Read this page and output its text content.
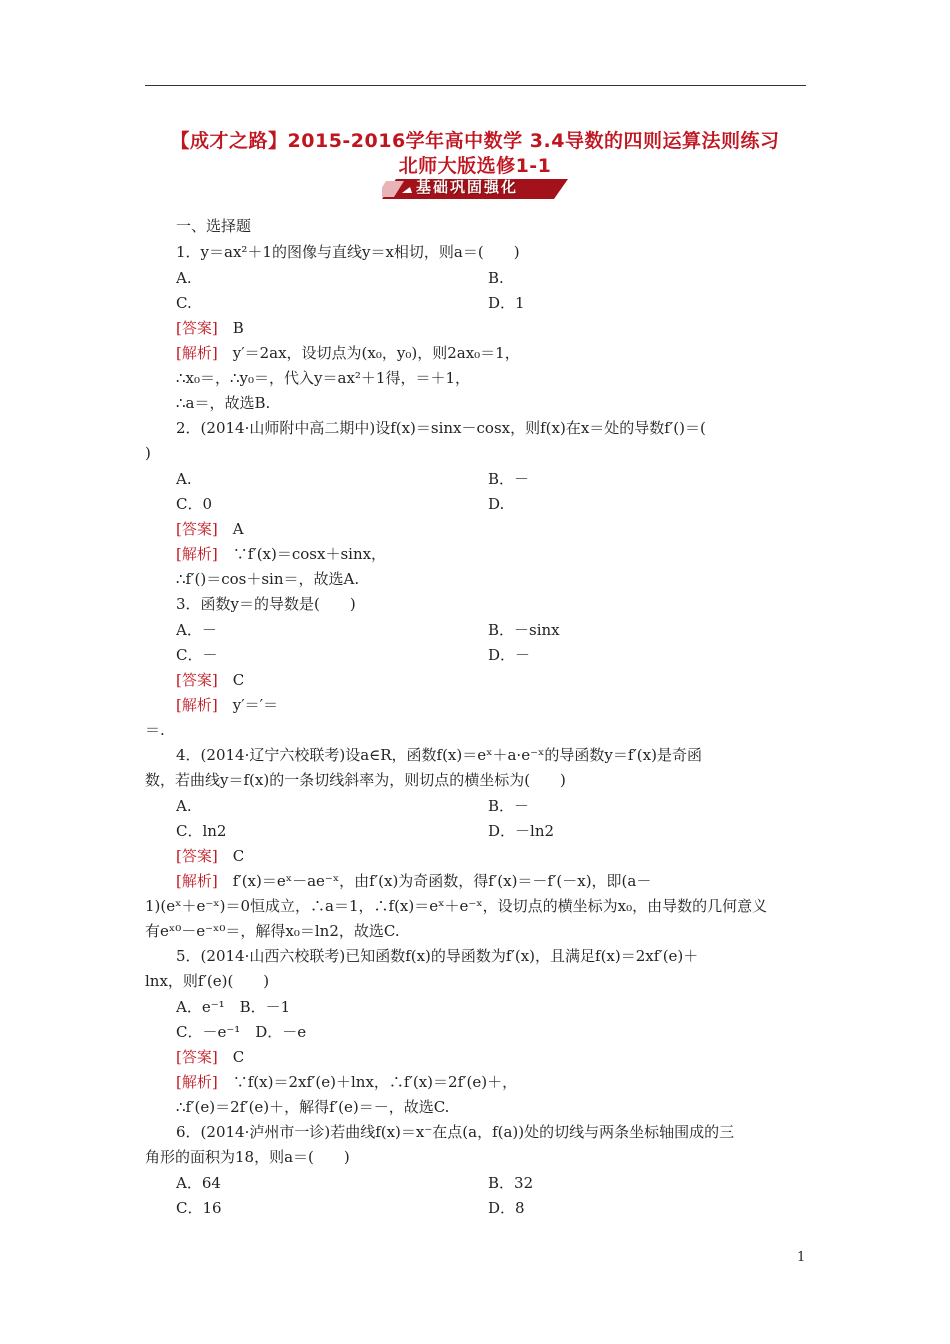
【成才之路】2015-2016学年高中数学 3.4导数的四则运算法则练习
北师大版选修1-1
基础巩固强化
一、选择题
1．y＝ax²＋1的图像与直线y＝x相切，则a＝(　　)
A.	B.
C.	D．1
[答案]　 B
[解析]　 y′＝2ax，设切点为(x₀，y₀)，则2ax₀＝1，
∴x₀＝，∴y₀＝，代入y＝ax²＋1得，＝＋1，
∴a＝，故选B.
2．(2014·山师附中高二期中)设f(x)＝sinx－cosx，则f(x)在x＝处的导数f′()＝(
)
A.	B．－
C．0	D.
[答案]　 A
[解析]　 ∵f′(x)＝cosx＋sinx，
∴f′()＝cos＋sin＝，故选A.
3．函数y＝的导数是(　　)
A．－	B．－sinx
C．－	D．－
[答案]　 C
[解析]　 y′＝′＝
＝.
4．(2014·辽宁六校联考)设a∈R，函数f(x)＝eˣ＋a·e⁻ˣ的导函数y＝f′(x)是奇函
数，若曲线y＝f(x)的一条切线斜率为，则切点的横坐标为(　　)
A.	B．－
C．ln2	D．－ln2
[答案]　 C
[解析]　 f′(x)＝eˣ－ae⁻ˣ，由f′(x)为奇函数，得f′(x)＝－f′(－x)，即(a－
1)(eˣ＋e⁻ˣ)＝0恒成立，∴a＝1，∴f(x)＝eˣ＋e⁻ˣ，设切点的横坐标为x₀，由导数的几何意义
有eˣ⁰－e⁻ˣ⁰＝，解得x₀＝ln2，故选C.
5．(2014·山西六校联考)已知函数f(x)的导函数为f′(x)，且满足f(x)＝2xf′(e)＋
lnx，则f′(e)(　　)
A．e⁻¹　B．－1
C．－e⁻¹　D．－e
[答案]　 C
[解析]　 ∵f(x)＝2xf′(e)＋lnx，∴f′(x)＝2f′(e)＋，
∴f′(e)＝2f′(e)＋，解得f′(e)＝－，故选C.
6．(2014·泸州市一诊)若曲线f(x)＝x⁻在点(a，f(a))处的切线与两条坐标轴围成的三
角形的面积为18，则a＝(　　)
A．64	B．32
C．16	D．8
1
